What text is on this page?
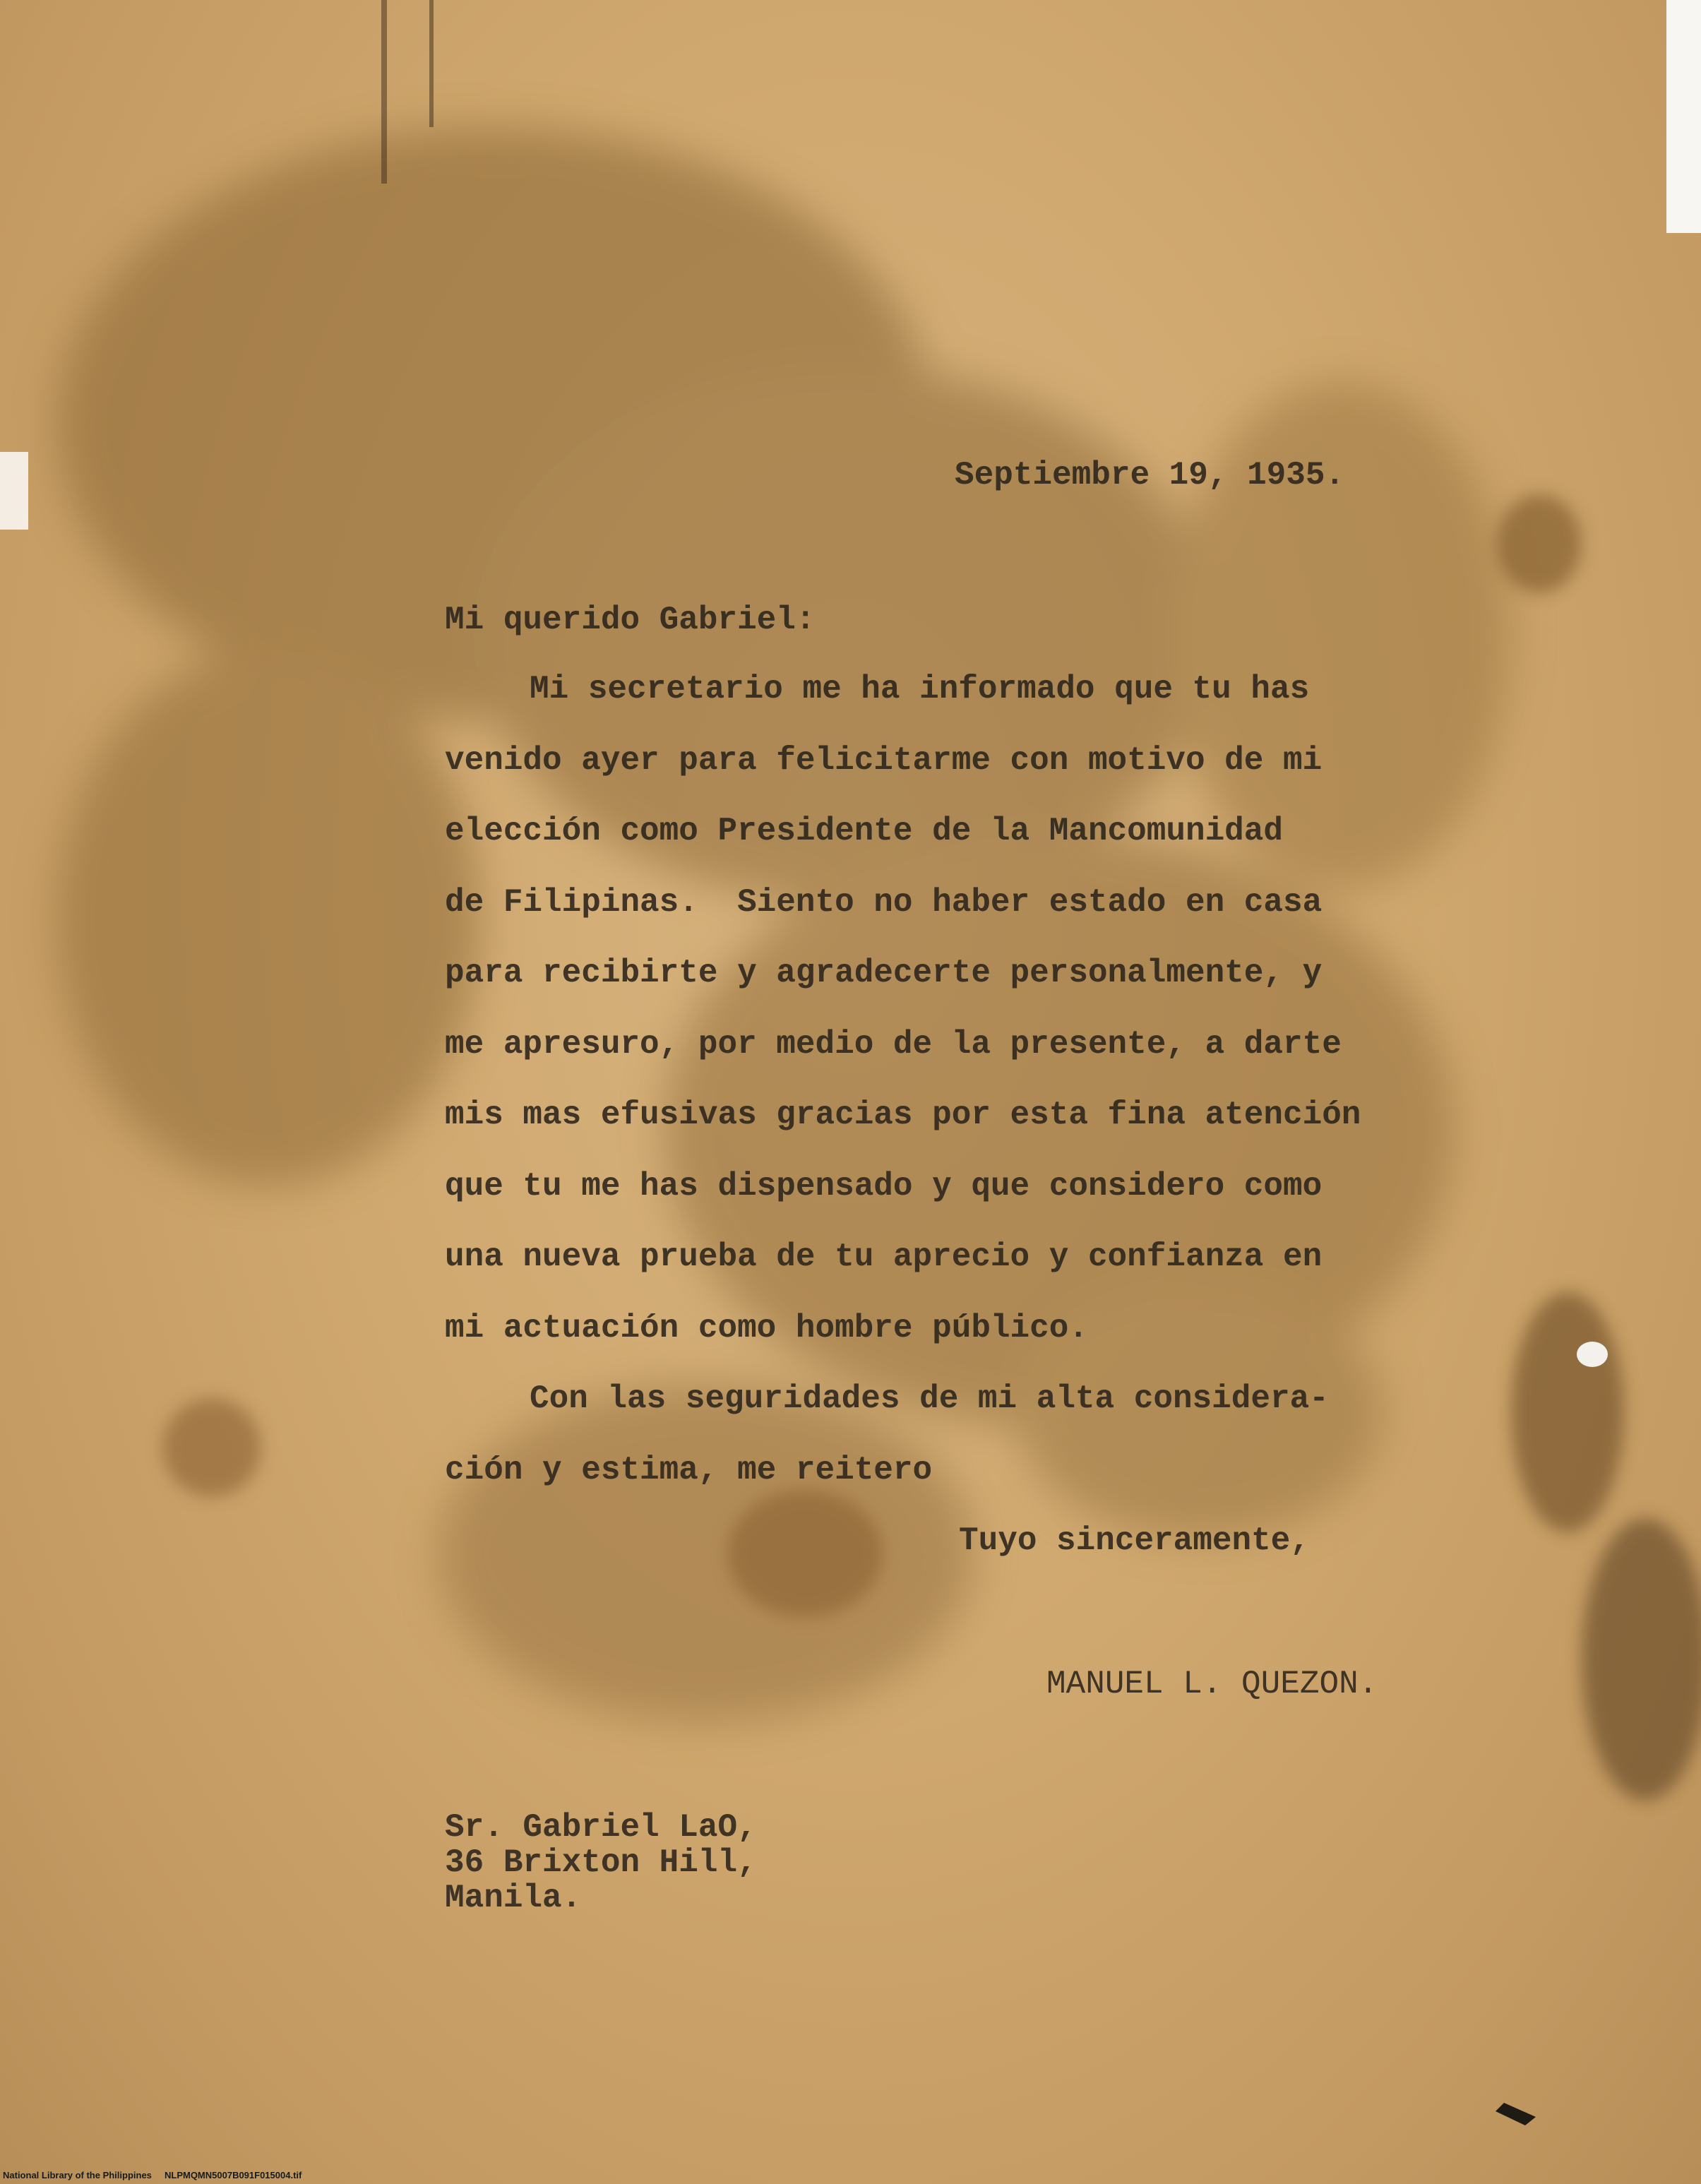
Septiembre 19, 1935.
Mi querido Gabriel:
Mi secretario me ha informado que tu has
venido ayer para felicitarme con motivo de mi
elección como Presidente de la Mancomunidad
de Filipinas.  Siento no haber estado en casa
para recibirte y agradecerte personalmente, y
me apresuro, por medio de la presente, a darte
mis mas efusivas gracias por esta fina atención
que tu me has dispensado y que considero como
una nueva prueba de tu aprecio y confianza en
mi actuación como hombre público.
Con las seguridades de mi alta considera-
ción y estima, me reitero
Tuyo sinceramente,
MANUEL L. QUEZON.
Sr. Gabriel LaO,
36 Brixton Hill,
Manila.
National Library of the Philippines NLPMQMN5007B091F015004.tif
